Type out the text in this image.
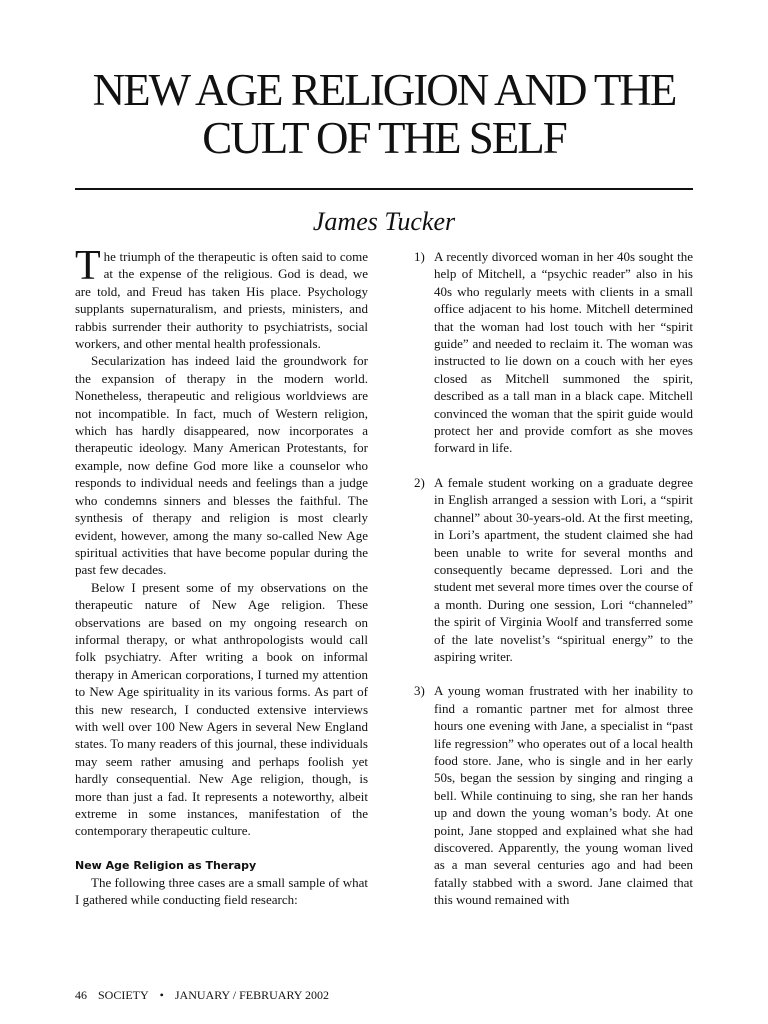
NEW AGE RELIGION AND THE
CULT OF THE SELF
James Tucker

The triumph of the therapeutic is often said to come at the expense of the religious. God is dead, we are told, and Freud has taken His place. Psychology supplants supernaturalism, and priests, ministers, and rabbis surrender their authority to psychiatrists, social workers, and other mental health professionals.

Secularization has indeed laid the groundwork for the expansion of therapy in the modern world. Nonetheless, therapeutic and religious worldviews are not incompatible. In fact, much of Western religion, which has hardly disappeared, now incorporates a therapeutic ideology. Many American Protestants, for example, now define God more like a counselor who responds to individual needs and feelings than a judge who condemns sinners and blesses the faithful. The synthesis of therapy and religion is most clearly evident, however, among the many so-called New Age spiritual activities that have become popular during the past few decades.

Below I present some of my observations on the therapeutic nature of New Age religion. These observations are based on my ongoing research on informal therapy, or what anthropologists would call folk psychiatry. After writing a book on informal therapy in American corporations, I turned my attention to New Age spirituality in its various forms. As part of this new research, I conducted extensive interviews with well over 100 New Agers in several New England states. To many readers of this journal, these individuals may seem rather amusing and perhaps foolish yet hardly consequential. New Age religion, though, is more than just a fad. It represents a noteworthy, albeit extreme in some instances, manifestation of the contemporary therapeutic culture.

New Age Religion as Therapy

The following three cases are a small sample of what I gathered while conducting field research:

1) A recently divorced woman in her 40s sought the help of Mitchell, a “psychic reader” also in his 40s who regularly meets with clients in a small office adjacent to his home. Mitchell determined that the woman had lost touch with her “spirit guide” and needed to reclaim it. The woman was instructed to lie down on a couch with her eyes closed as Mitchell summoned the spirit, described as a tall man in a black cape. Mitchell convinced the woman that the spirit guide would protect her and provide comfort as she moves forward in life.
2) A female student working on a graduate degree in English arranged a session with Lori, a “spirit channel” about 30-years-old. At the first meeting, in Lori’s apartment, the student claimed she had been unable to write for several months and consequently became depressed. Lori and the student met several more times over the course of a month. During one session, Lori “channeled” the spirit of Virginia Woolf and transferred some of the late novelist’s “spiritual energy” to the aspiring writer.
3) A young woman frustrated with her inability to find a romantic partner met for almost three hours one evening with Jane, a specialist in “past life regression” who operates out of a local health food store. Jane, who is single and in her early 50s, began the session by singing and ringing a bell. While continuing to sing, she ran her hands up and down the young woman’s body. At one point, Jane stopped and explained what she had discovered. Apparently, the young woman lived as a man several centuries ago and had been fatally stabbed with a sword. Jane claimed that this wound remained with
46 SOCIETY • JANUARY / FEBRUARY 2002
